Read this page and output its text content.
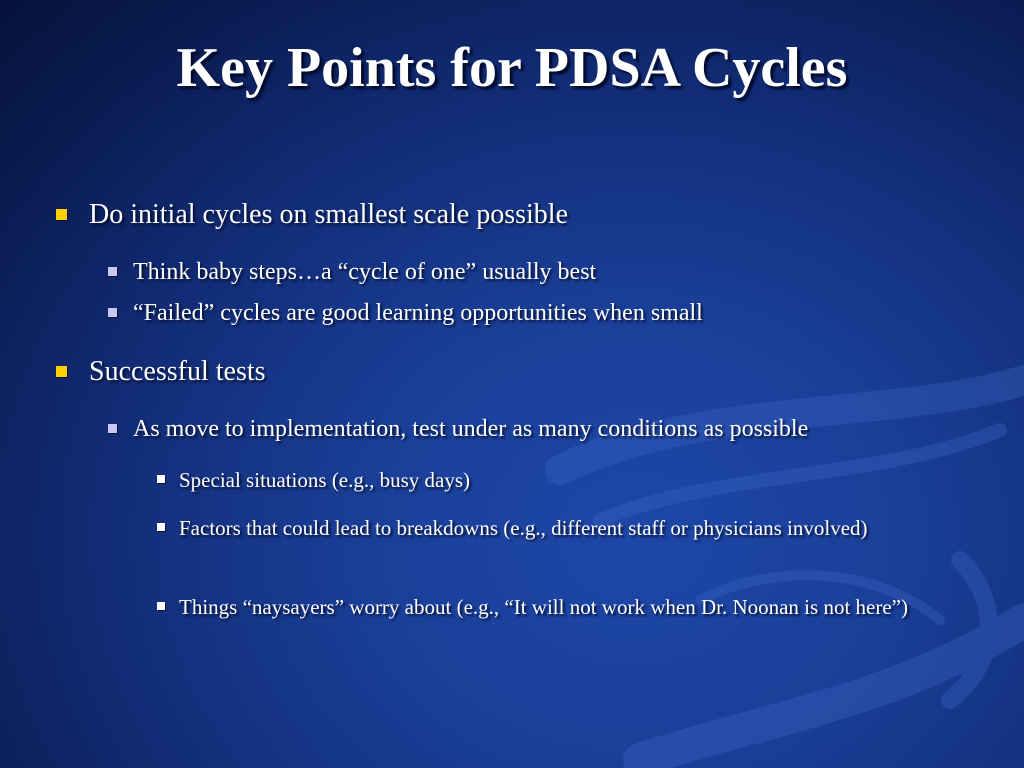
Key Points for PDSA Cycles
Do initial cycles on smallest scale possible
Think baby steps…a “cycle of one” usually best
“Failed” cycles are good learning opportunities when small
Successful tests
As move to implementation, test under as many conditions as possible
Special situations (e.g., busy days)
Factors that could lead to breakdowns (e.g., different staff or physicians involved)
Things “naysayers” worry about (e.g., “It will not work when Dr. Noonan is not here”)
